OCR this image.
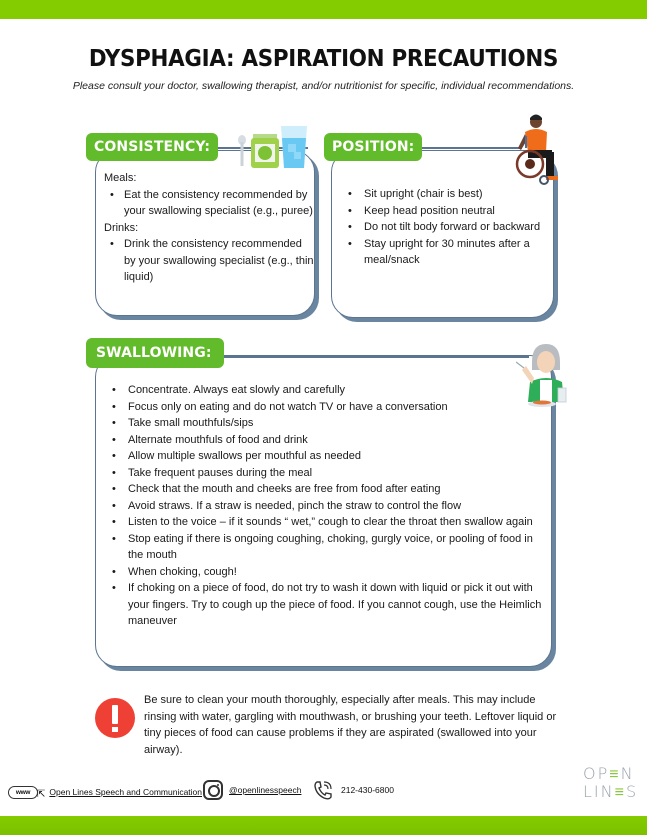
DYSPHAGIA: ASPIRATION PRECAUTIONS

Please consult your doctor, swallowing therapist, and/or nutritionist for specific, individual recommendations.

CONSISTENCY:
Meals:
• Eat the consistency recommended by your swallowing specialist (e.g., puree)
Drinks:
• Drink the consistency recommended by your swallowing specialist (e.g., thin liquid)
POSITION:
• Sit upright (chair is best)
• Keep head position neutral
• Do not tilt body forward or backward
• Stay upright for 30 minutes after a meal/snack
SWALLOWING:
• Concentrate. Always eat slowly and carefully
• Focus only on eating and do not watch TV or have a conversation
• Take small mouthfuls/sips
• Alternate mouthfuls of food and drink
• Allow multiple swallows per mouthful as needed
• Take frequent pauses during the meal
• Check that the mouth and cheeks are free from food after eating
• Avoid straws. If a straw is needed, pinch the straw to control the flow
• Listen to the voice – if it sounds “ wet,” cough to clear the throat then swallow again
• Stop eating if there is ongoing coughing, choking, gurgly voice, or pooling of food in the mouth
• When choking, cough!
• If choking on a piece of food, do not try to wash it down with liquid or pick it out with your fingers. Try to cough up the piece of food. If you cannot cough, use the Heimlich maneuver

Be sure to clean your mouth thoroughly, especially after meals. This may include rinsing with water, gargling with mouthwash, or brushing your teeth. Leftover liquid or tiny pieces of food can cause problems if they are aspirated (swallowed into your airway).

www ⇱ Open Lines Speech and Communication	@openlinesspeech	212-430-6800
OP≡N
LIN≡S
